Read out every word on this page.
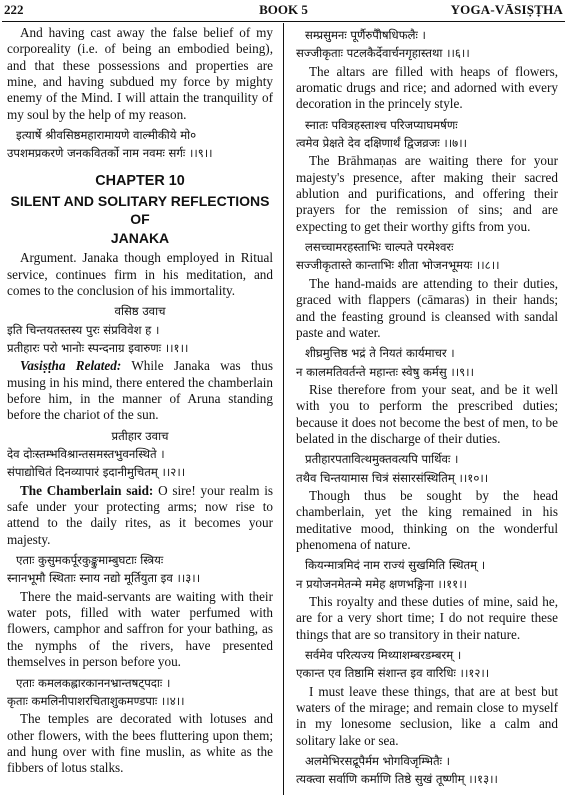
222	BOOK 5	YOGA-VĀSIṢṬHA

And having cast away the false belief of my corporeality (i.e. of being an embodied being), and that these possessions and properties are mine, and having subdued my force by mighty enemy of the Mind. I will attain the tranquility of my soul by the help of my reason.

इत्यार्षे श्रीवसिष्ठमहारामायणे वाल्मीकीये मो०
उपशमप्रकरणे जनकवितर्को नाम नवमः सर्गः ।।९।।
CHAPTER 10
SILENT AND SOLITARY REFLECTIONS OF
JANAKA

Argument. Janaka though employed in Ritual service, continues firm in his meditation, and comes to the conclusion of his immortality.

वसिष्ठ उवाच
इति चिन्तयतस्तस्य पुरः संप्रविवेश ह ।
प्रतीहारः परो भानोः स्पन्दनाग्र इवारुणः ।।१।।

Vasiṣṭha Related: While Janaka was thus musing in his mind, there entered the chamberlain before him, in the manner of Aruna standing before the chariot of the sun.

प्रतीहार उवाच
देव दोःस्तम्भविश्रान्तसमस्तभुवनस्थिते ।
संपाद्योचितं दिनव्यापारं इदानीमुचितम् ।।२।।

The Chamberlain said: O sire! your realm is safe under your protecting arms; now rise to attend to the daily rites, as it becomes your majesty.

एताः कुसुमकर्पूरकुङ्कुमाम्बुघटाः स्त्रियः
स्नानभूमौ स्थिताः स्नाय नद्यो मूर्तियुता इव ।।३।।

There the maid-servants are waiting with their water pots, filled with water perfumed with flowers, camphor and saffron for your bathing, as the nymphs of the rivers, have presented themselves in person before you.

एताः कमलकह्लारकाननभ्रान्तषट्पदाः ।
कृताः कमलिनीपाशरचिताशुकमण्डपाः ।।४।।

The temples are decorated with lotuses and other flowers, with the bees fluttering upon them; and hung over with fine muslin, as white as the fibbers of lotus stalks.

सम्प्रसुमनः पूर्णैरुपैौषधिफलैः ।
सज्जीकृताः पटलकैर्देवार्चनगृहास्तथा ।।६।।

The altars are filled with heaps of flowers, aromatic drugs and rice; and adorned with every decoration in the princely style.

स्नातः पवित्रहस्ताश्च परिजप्याघमर्षणः
त्वमेव प्रेक्षते देव दक्षिणार्थं द्विजव्रजः ।।७।।

The Brāhmaṇas are waiting there for your majesty's presence, after making their sacred ablution and purifications, and offering their prayers for the remission of sins; and are expecting to get their worthy gifts from you.

लसच्चामरहस्ताभिः चाल्पते परमेश्वरः
सज्जीकृतास्ते कान्ताभिः शीता भोजनभूमयः ।।८।।

The hand-maids are attending to their duties, graced with flappers (cāmaras) in their hands; and the feasting ground is cleansed with sandal paste and water.

शीघ्रमुत्तिष्ठ भद्रं ते नियतं कार्यमाचर ।
न कालमतिवर्तन्ते महान्तः स्वेषु कर्मसु ।।९।।

Rise therefore from your seat, and be it well with you to perform the prescribed duties; because it does not become the best of men, to be belated in the discharge of their duties.

प्रतीहारपतावित्थमुक्तवत्यपि पार्थिवः ।
तथैव चिन्तयामास चित्रं संसारसंस्थितिम् ।।१०।।

Though thus be sought by the head chamberlain, yet the king remained in his meditative mood, thinking on the wonderful phenomena of nature.

कियन्मात्रमिदं नाम राज्यं सुखमिति स्थितम् ।
न प्रयोजनमेतन्मे ममेह क्षणभङ्गिना ।।११।।

This royalty and these duties of mine, said he, are for a very short time; I do not require these things that are so transitory in their nature.

सर्वमेव परित्यज्य मिथ्याशम्बरडम्बरम् ।
एकान्त एव तिष्ठामि संशान्त इव वारिधिः ।।१२।।

I must leave these things, that are at best but waters of the mirage; and remain close to myself in my lonesome seclusion, like a calm and solitary lake or sea.

अलमेभिरसद्रूपैर्मम भोगविजृम्भितैः ।
त्यक्त्वा सर्वाणि कर्माणि तिष्ठे सुखं तूष्णीम् ।।१३।।
